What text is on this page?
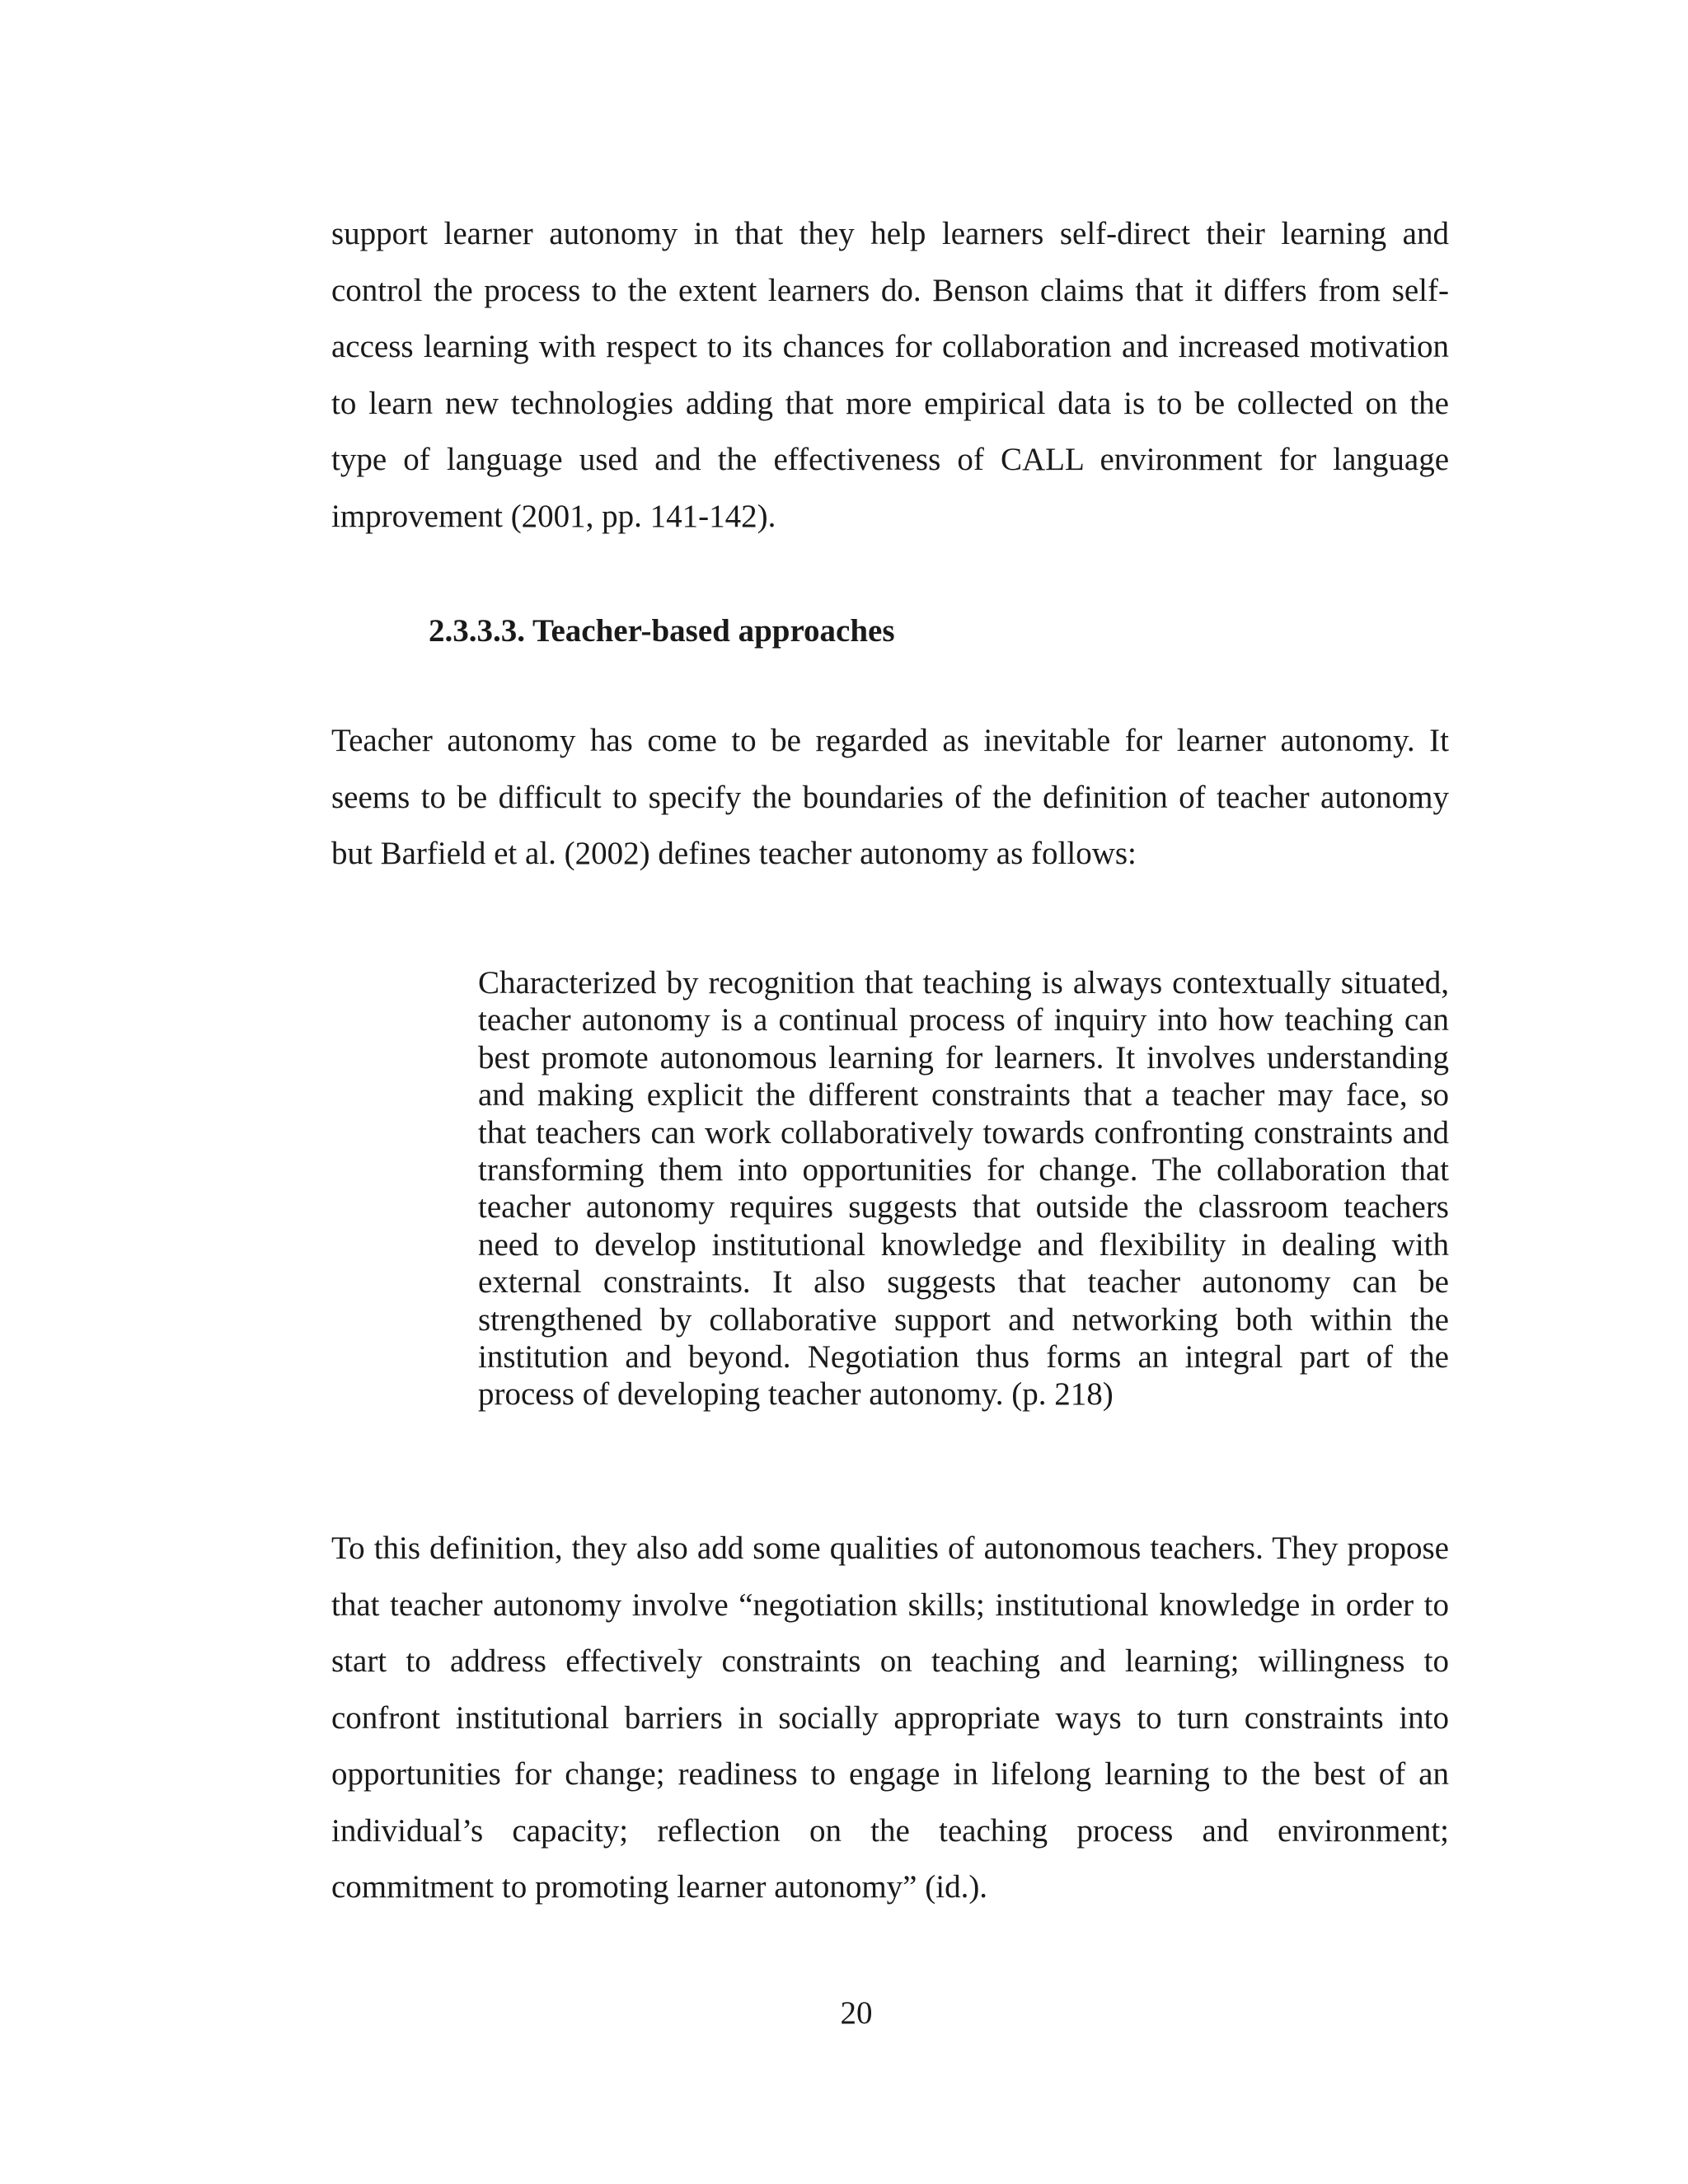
support learner autonomy in that they help learners self-direct their learning and control the process to the extent learners do. Benson claims that it differs from self-access learning with respect to its chances for collaboration and increased motivation to learn new technologies adding that more empirical data is to be collected on the type of language used and the effectiveness of CALL environment for language improvement (2001, pp. 141-142).

2.3.3.3. Teacher-based approaches

Teacher autonomy has come to be regarded as inevitable for learner autonomy. It seems to be difficult to specify the boundaries of the definition of teacher autonomy but Barfield et al. (2002) defines teacher autonomy as follows:

Characterized by recognition that teaching is always contextually situated, teacher autonomy is a continual process of inquiry into how teaching can best promote autonomous learning for learners. It involves understanding and making explicit the different constraints that a teacher may face, so that teachers can work collaboratively towards confronting constraints and transforming them into opportunities for change. The collaboration that teacher autonomy requires suggests that outside the classroom teachers need to develop institutional knowledge and flexibility in dealing with external constraints. It also suggests that teacher autonomy can be strengthened by collaborative support and networking both within the institution and beyond. Negotiation thus forms an integral part of the process of developing teacher autonomy. (p. 218)

To this definition, they also add some qualities of autonomous teachers. They propose that teacher autonomy involve “negotiation skills; institutional knowledge in order to start to address effectively constraints on teaching and learning; willingness to confront institutional barriers in socially appropriate ways to turn constraints into opportunities for change; readiness to engage in lifelong learning to the best of an individual’s capacity; reflection on the teaching process and environment; commitment to promoting learner autonomy” (id.).

20
